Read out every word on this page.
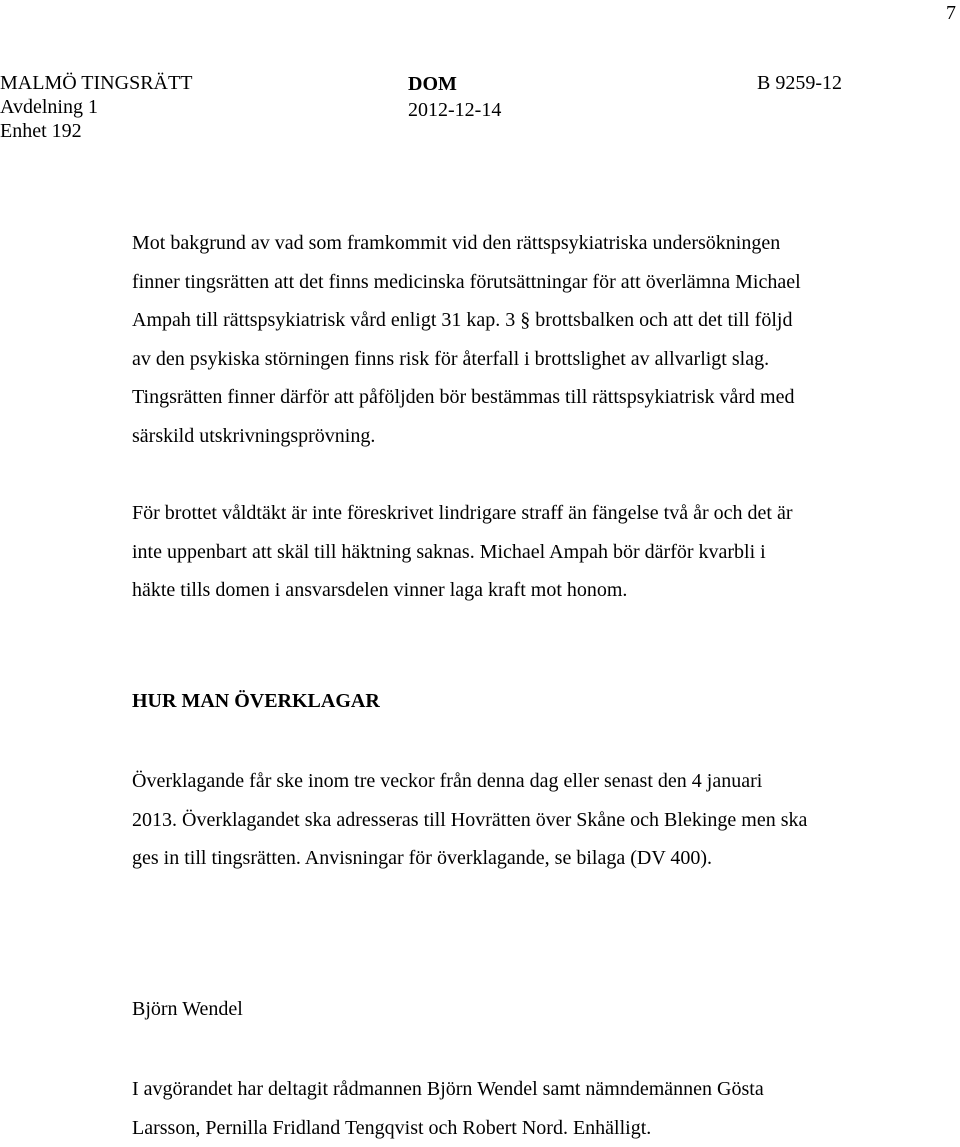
7
MALMÖ TINGSRÄTT
Avdelning 1
Enhet 192
DOM
2012-12-14
B 9259-12

Mot bakgrund av vad som framkommit vid den rättspsykiatriska undersökningen
finner tingsrätten att det finns medicinska förutsättningar för att överlämna Michael
Ampah till rättspsykiatrisk vård enligt 31 kap. 3 § brottsbalken och att det till följd
av den psykiska störningen finns risk för återfall i brottslighet av allvarligt slag.
Tingsrätten finner därför att påföljden bör bestämmas till rättspsykiatrisk vård med
särskild utskrivningsprövning.

För brottet våldtäkt är inte föreskrivet lindrigare straff än fängelse två år och det är
inte uppenbart att skäl till häktning saknas. Michael Ampah bör därför kvarbli i
häkte tills domen i ansvarsdelen vinner laga kraft mot honom.

HUR MAN ÖVERKLAGAR

Överklagande får ske inom tre veckor från denna dag eller senast den 4 januari
2013. Överklagandet ska adresseras till Hovrätten över Skåne och Blekinge men ska
ges in till tingsrätten. Anvisningar för överklagande, se bilaga (DV 400).

Björn Wendel

I avgörandet har deltagit rådmannen Björn Wendel samt nämndemännen Gösta
Larsson, Pernilla Fridland Tengqvist och Robert Nord. Enhälligt.
